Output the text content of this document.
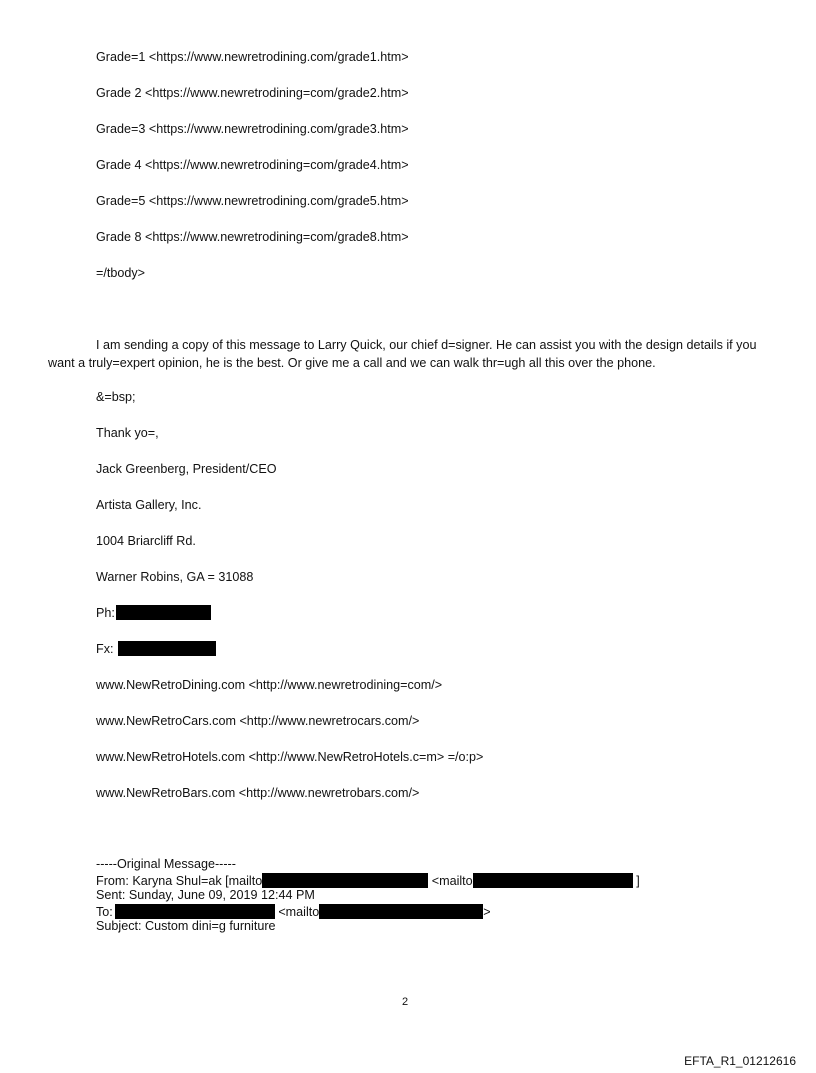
Grade=1 <https://www.newretrodining.com/grade1.htm>
Grade 2 <https://www.newretrodining=com/grade2.htm>
Grade=3 <https://www.newretrodining.com/grade3.htm>
Grade 4 <https://www.newretrodining=com/grade4.htm>
Grade=5 <https://www.newretrodining.com/grade5.htm>
Grade 8 <https://www.newretrodining=com/grade8.htm>
=/tbody>
I am sending a copy of this message to Larry Quick, our chief d=signer. He can assist you with the design details if you want a truly=expert opinion, he is the best. Or give me a call and we can walk thr=ugh all this over the phone.
&=bsp;
Thank yo=,
Jack Greenberg, President/CEO
Artista Gallery, Inc.
1004 Briarcliff Rd.
Warner Robins, GA = 31088
Ph:
Fx:
www.NewRetroDining.com <http://www.newretrodining=com/>
www.NewRetroCars.com <http://www.newretrocars.com/>
www.NewRetroHotels.com <http://www.NewRetroHotels.c=m> =/o:p>
www.NewRetroBars.com <http://www.newretrobars.com/>
-----Original Message-----
From: Karyna Shul=ak [mailto	<mailto	]
Sent: Sunday, June 09, 2019 12:44 PM
To:	<mailto	>
Subject: Custom dini=g furniture
2
EFTA_R1_01212616
